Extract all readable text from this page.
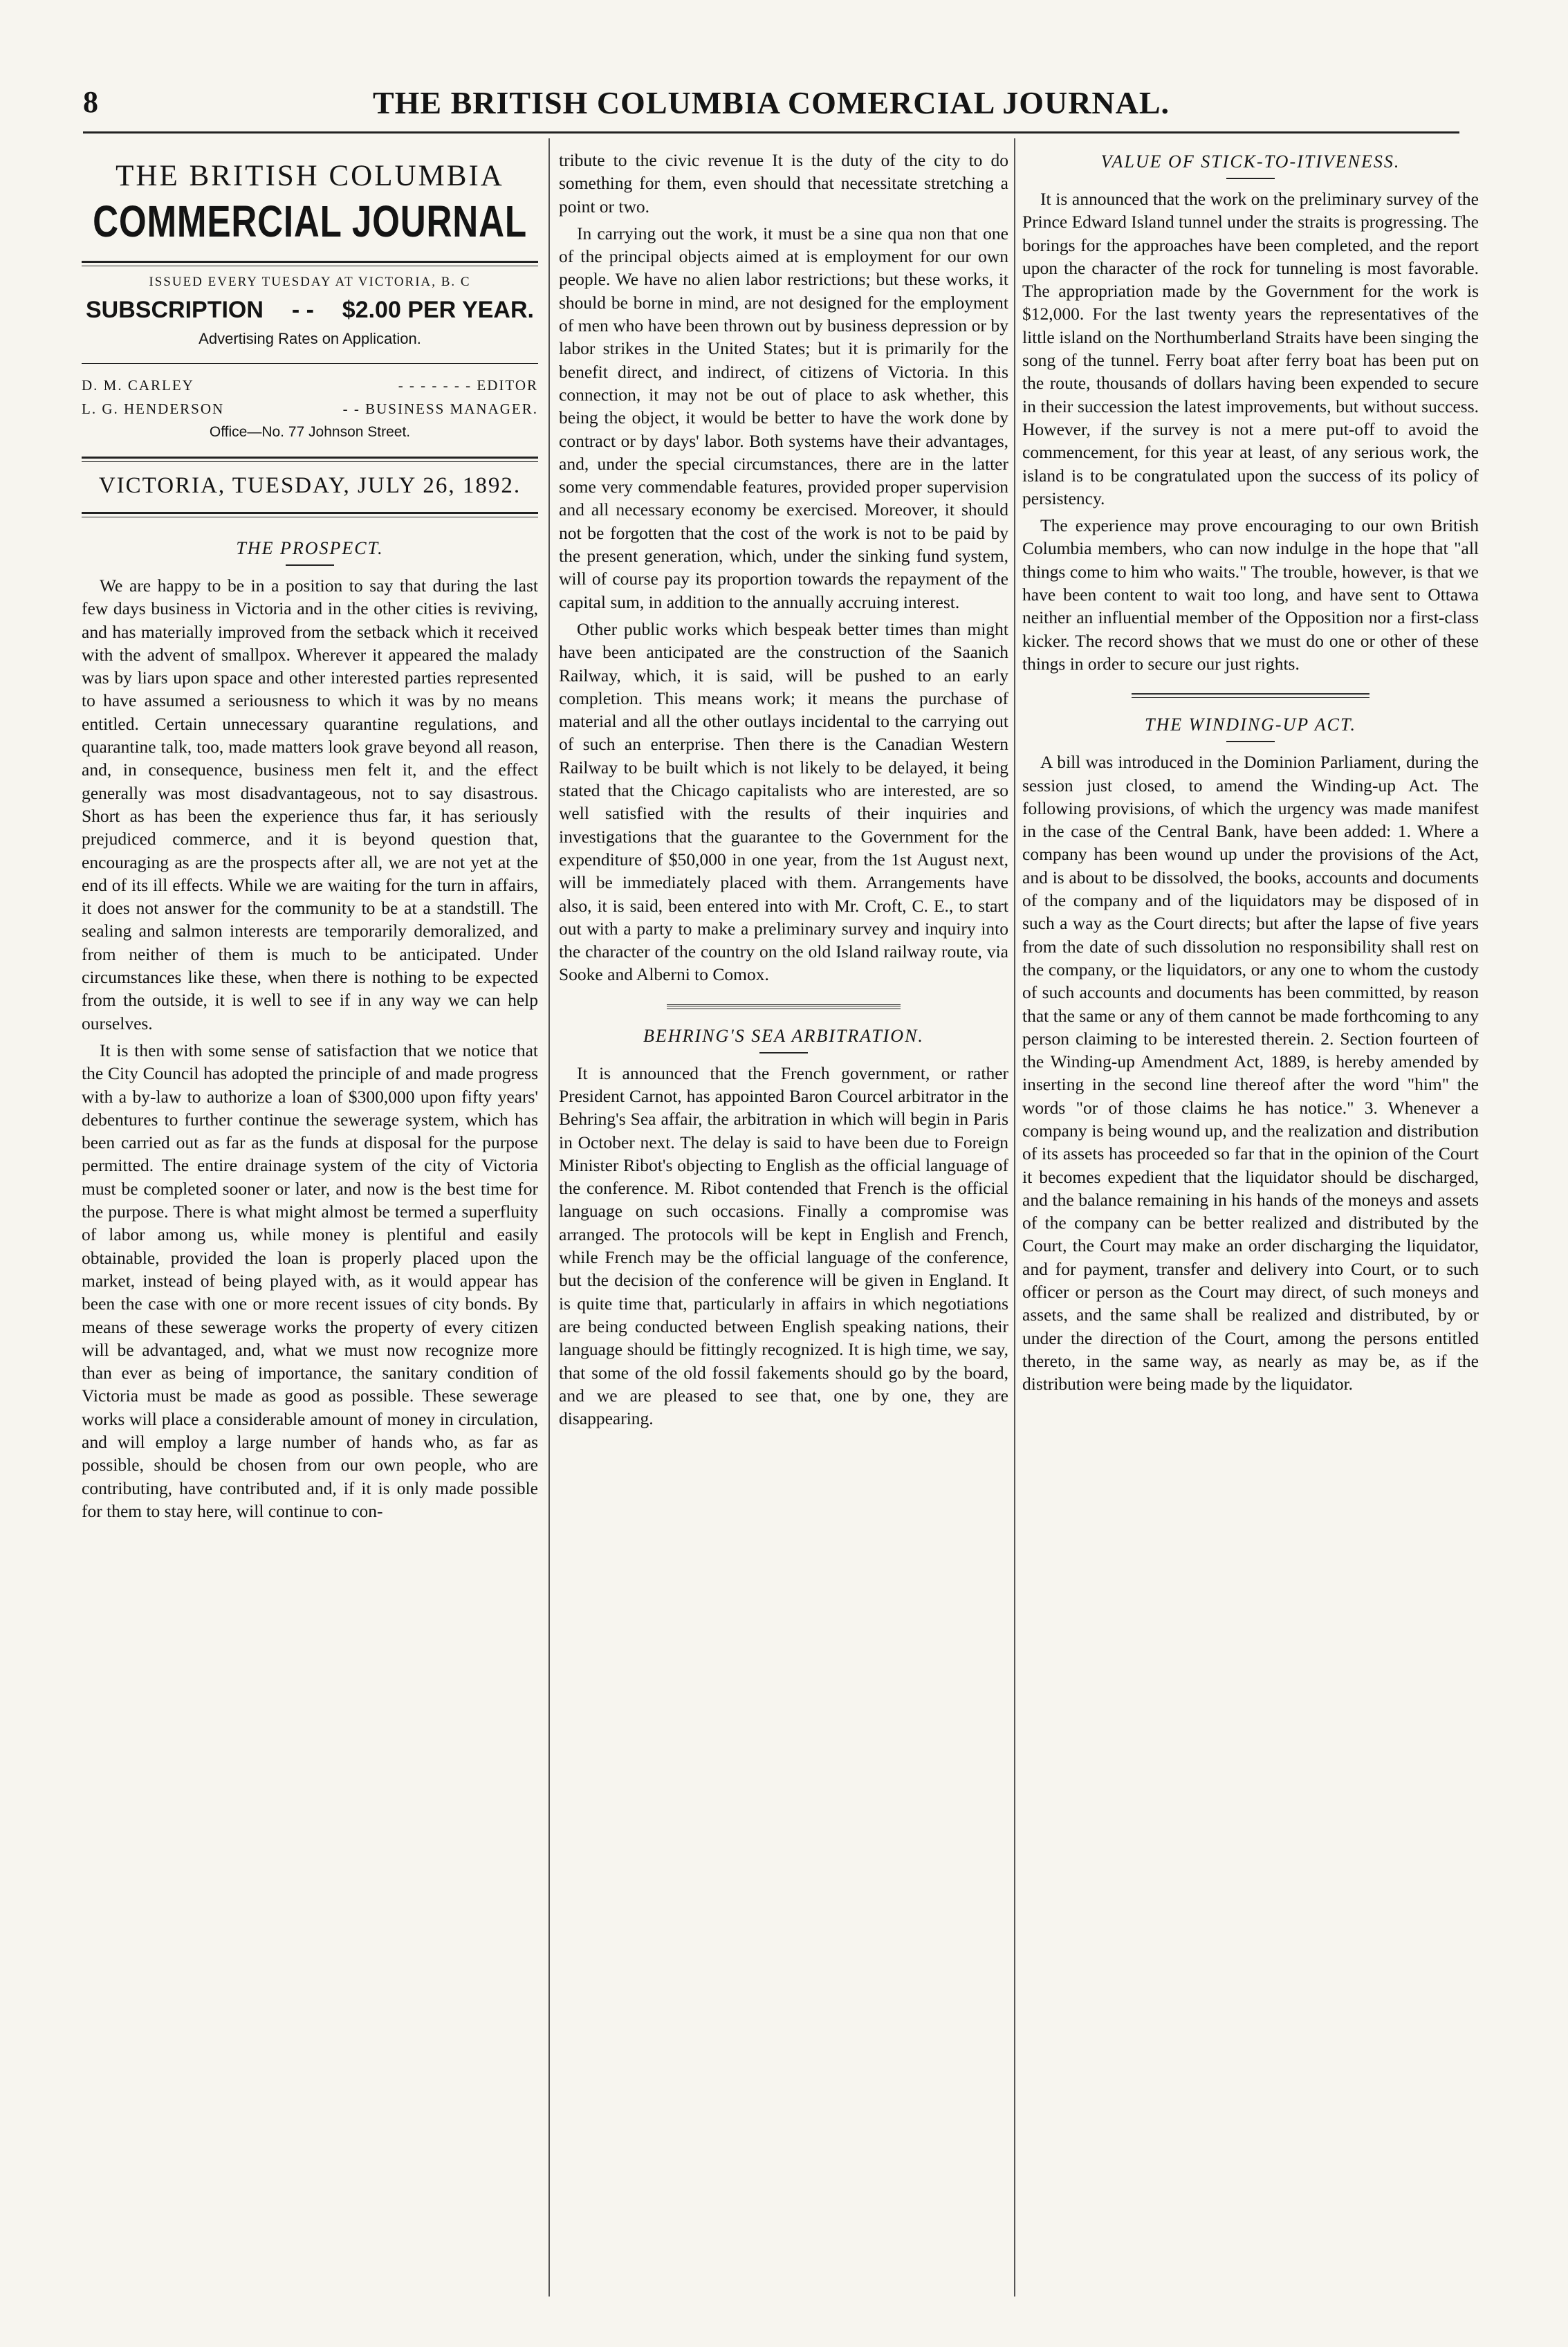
8	THE BRITISH COLUMBIA COMERCIAL JOURNAL.
THE BRITISH COLUMBIA
COMMERCIAL JOURNAL
ISSUED EVERY TUESDAY AT VICTORIA, B. C
SUBSCRIPTION - - $2.00 PER YEAR.
Advertising Rates on Application.
D. M. CARLEY	- - - - - - - EDITOR
L. G. HENDERSON	- - BUSINESS MANAGER.
Office—No. 77 Johnson Street.
VICTORIA, TUESDAY, JULY 26, 1892.
THE PROSPECT.

We are happy to be in a position to say that during the last few days business in Victoria and in the other cities is reviving, and has materially improved from the setback which it received with the advent of smallpox. Wherever it appeared the malady was by liars upon space and other interested parties represented to have assumed a seriousness to which it was by no means entitled. Certain unnecessary quarantine regulations, and quarantine talk, too, made matters look grave beyond all reason, and, in consequence, business men felt it, and the effect generally was most disadvantageous, not to say disastrous. Short as has been the experience thus far, it has seriously prejudiced commerce, and it is beyond question that, encouraging as are the prospects after all, we are not yet at the end of its ill effects. While we are waiting for the turn in affairs, it does not answer for the community to be at a standstill. The sealing and salmon interests are temporarily demoralized, and from neither of them is much to be anticipated. Under circumstances like these, when there is nothing to be expected from the outside, it is well to see if in any way we can help ourselves.

It is then with some sense of satisfaction that we notice that the City Council has adopted the principle of and made progress with a by-law to authorize a loan of $300,000 upon fifty years' debentures to further continue the sewerage system, which has been carried out as far as the funds at disposal for the purpose permitted. The entire drainage system of the city of Victoria must be completed sooner or later, and now is the best time for the purpose. There is what might almost be termed a superfluity of labor among us, while money is plentiful and easily obtainable, provided the loan is properly placed upon the market, instead of being played with, as it would appear has been the case with one or more recent issues of city bonds. By means of these sewerage works the property of every citizen will be advantaged, and, what we must now recognize more than ever as being of importance, the sanitary condition of Victoria must be made as good as possible. These sewerage works will place a considerable amount of money in circulation, and will employ a large number of hands who, as far as possible, should be chosen from our own people, who are contributing, have contributed and, if it is only made possible for them to stay here, will continue to con-

tribute to the civic revenue It is the duty of the city to do something for them, even should that necessitate stretching a point or two.

In carrying out the work, it must be a sine qua non that one of the principal objects aimed at is employment for our own people. We have no alien labor restrictions; but these works, it should be borne in mind, are not designed for the employment of men who have been thrown out by business depression or by labor strikes in the United States; but it is primarily for the benefit direct, and indirect, of citizens of Victoria. In this connection, it may not be out of place to ask whether, this being the object, it would be better to have the work done by contract or by days' labor. Both systems have their advantages, and, under the special circumstances, there are in the latter some very commendable features, provided proper supervision and all necessary economy be exercised. Moreover, it should not be forgotten that the cost of the work is not to be paid by the present generation, which, under the sinking fund system, will of course pay its proportion towards the repayment of the capital sum, in addition to the annually accruing interest.

Other public works which bespeak better times than might have been anticipated are the construction of the Saanich Railway, which, it is said, will be pushed to an early completion. This means work; it means the purchase of material and all the other outlays incidental to the carrying out of such an enterprise. Then there is the Canadian Western Railway to be built which is not likely to be delayed, it being stated that the Chicago capitalists who are interested, are so well satisfied with the results of their inquiries and investigations that the guarantee to the Government for the expenditure of $50,000 in one year, from the 1st August next, will be immediately placed with them. Arrangements have also, it is said, been entered into with Mr. Croft, C. E., to start out with a party to make a preliminary survey and inquiry into the character of the country on the old Island railway route, via Sooke and Alberni to Comox.

BEHRING'S SEA ARBITRATION.

It is announced that the French government, or rather President Carnot, has appointed Baron Courcel arbitrator in the Behring's Sea affair, the arbitration in which will begin in Paris in October next. The delay is said to have been due to Foreign Minister Ribot's objecting to English as the official language of the conference. M. Ribot contended that French is the official language on such occasions. Finally a compromise was arranged. The protocols will be kept in English and French, while French may be the official language of the conference, but the decision of the conference will be given in England. It is quite time that, particularly in affairs in which negotiations are being conducted between English speaking nations, their language should be fittingly recognized. It is high time, we say, that some of the old fossil fakements should go by the board, and we are pleased to see that, one by one, they are disappearing.

VALUE OF STICK-TO-ITIVENESS.

It is announced that the work on the preliminary survey of the Prince Edward Island tunnel under the straits is progressing. The borings for the approaches have been completed, and the report upon the character of the rock for tunneling is most favorable. The appropriation made by the Government for the work is $12,000. For the last twenty years the representatives of the little island on the Northumberland Straits have been singing the song of the tunnel. Ferry boat after ferry boat has been put on the route, thousands of dollars having been expended to secure in their succession the latest improvements, but without success. However, if the survey is not a mere put-off to avoid the commencement, for this year at least, of any serious work, the island is to be congratulated upon the success of its policy of persistency.

The experience may prove encouraging to our own British Columbia members, who can now indulge in the hope that "all things come to him who waits." The trouble, however, is that we have been content to wait too long, and have sent to Ottawa neither an influential member of the Opposition nor a first-class kicker. The record shows that we must do one or other of these things in order to secure our just rights.

THE WINDING-UP ACT.

A bill was introduced in the Dominion Parliament, during the session just closed, to amend the Winding-up Act. The following provisions, of which the urgency was made manifest in the case of the Central Bank, have been added: 1. Where a company has been wound up under the provisions of the Act, and is about to be dissolved, the books, accounts and documents of the company and of the liquidators may be disposed of in such a way as the Court directs; but after the lapse of five years from the date of such dissolution no responsibility shall rest on the company, or the liquidators, or any one to whom the custody of such accounts and documents has been committed, by reason that the same or any of them cannot be made forthcoming to any person claiming to be interested therein. 2. Section fourteen of the Winding-up Amendment Act, 1889, is hereby amended by inserting in the second line thereof after the word "him" the words "or of those claims he has notice." 3. Whenever a company is being wound up, and the realization and distribution of its assets has proceeded so far that in the opinion of the Court it becomes expedient that the liquidator should be discharged, and the balance remaining in his hands of the moneys and assets of the company can be better realized and distributed by the Court, the Court may make an order discharging the liquidator, and for payment, transfer and delivery into Court, or to such officer or person as the Court may direct, of such moneys and assets, and the same shall be realized and distributed, by or under the direction of the Court, among the persons entitled thereto, in the same way, as nearly as may be, as if the distribution were being made by the liquidator.
